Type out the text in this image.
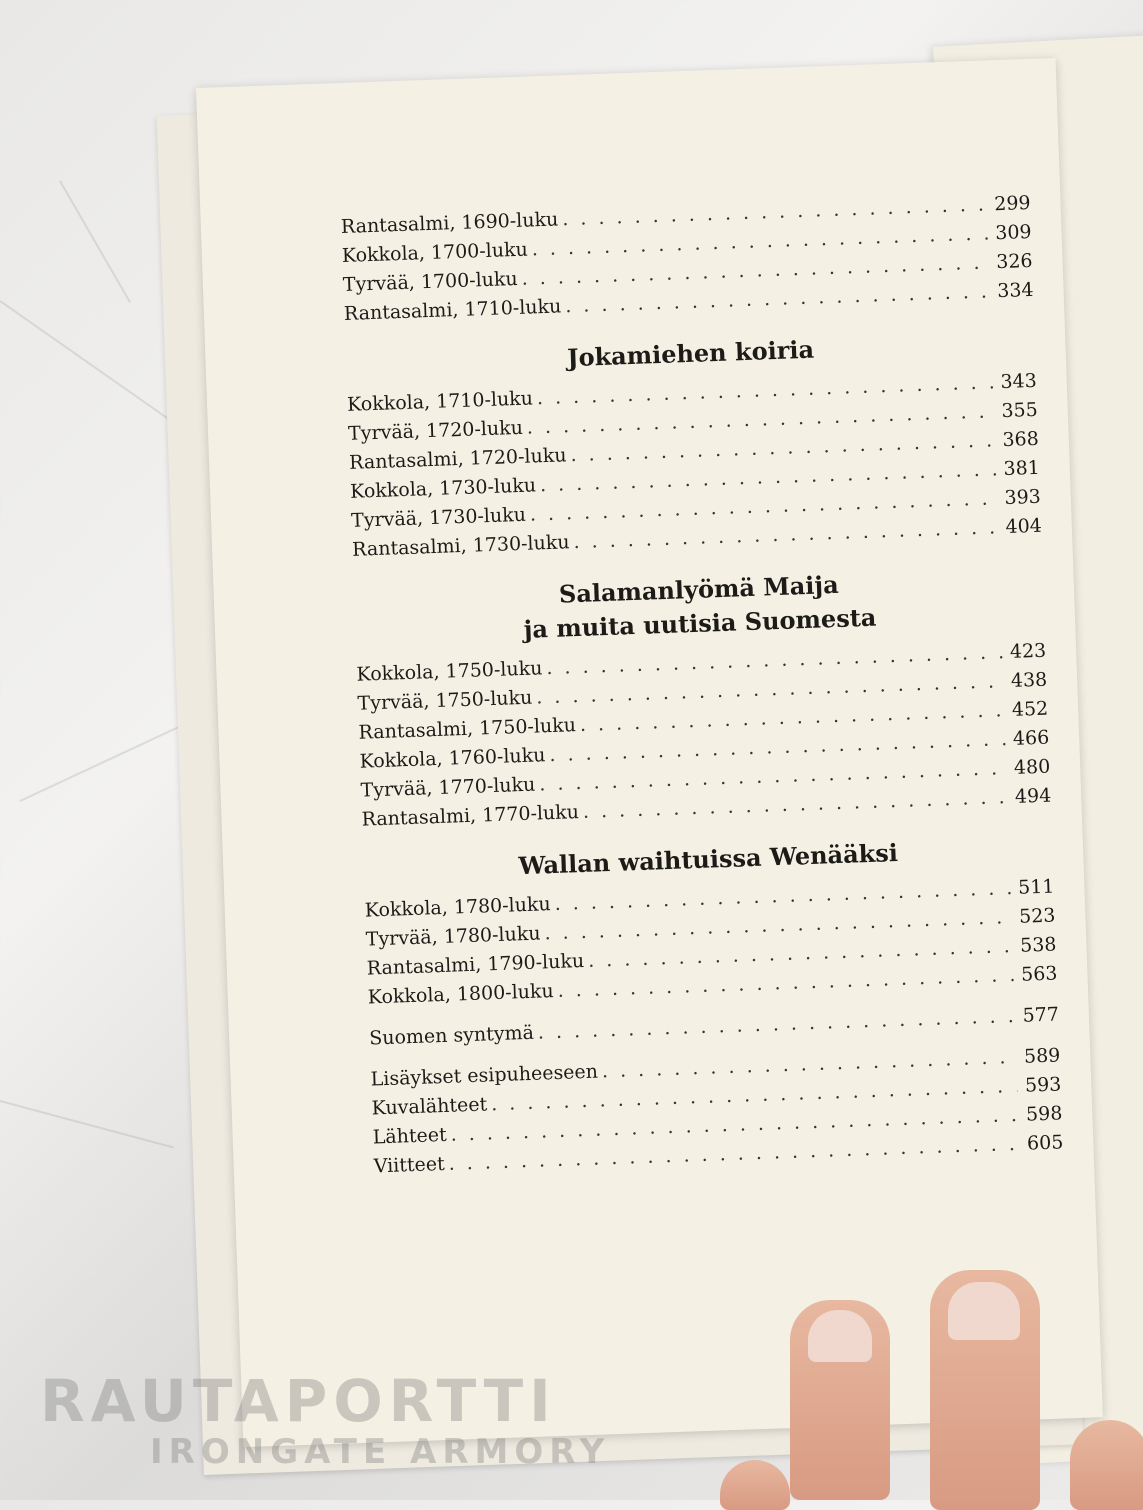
Rantasalmi, 1690-luku
. . .
299
Kokkola, 1700-luku
. . .
309
Tyrvää, 1700-luku
. . .
326
Rantasalmi, 1710-luku
. . .
334
Jokamiehen koiria
Kokkola, 1710-luku
. . .
343
Tyrvää, 1720-luku
. . .
355
Rantasalmi, 1720-luku
. . .
368
Kokkola, 1730-luku
. . .
381
Tyrvää, 1730-luku
. . .
393
Rantasalmi, 1730-luku
. . .
404
Salamanlyömä Maija
ja muita uutisia Suomesta
Kokkola, 1750-luku
. . .
423
Tyrvää, 1750-luku
. . .
438
Rantasalmi, 1750-luku
. . .
452
Kokkola, 1760-luku
. . .
466
Tyrvää, 1770-luku
. . .
480
Rantasalmi, 1770-luku
. . .
494
Wallan waihtuissa Wenääksi
Kokkola, 1780-luku
. . .
511
Tyrvää, 1780-luku
. . .
523
Rantasalmi, 1790-luku
. . .
538
Kokkola, 1800-luku
. . .
563
Suomen syntymä
. . .
577
Lisäykset esipuheeseen
. . .
589
Kuvalähteet
. . .
593
Lähteet
. . .
598
Viitteet
. . .
605
RAUTAPORTTI
IRONGATE ARMORY
